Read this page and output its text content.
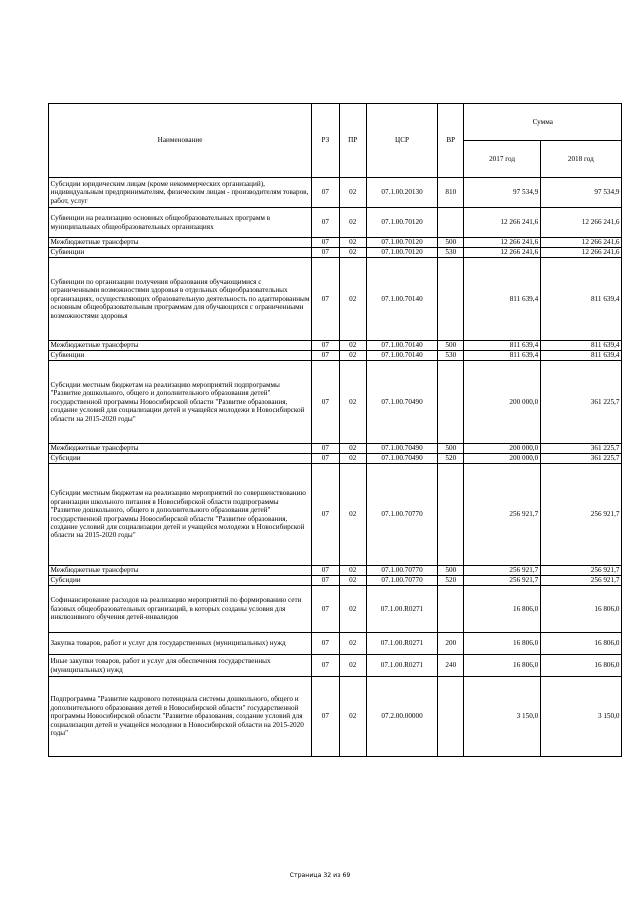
Наименование	РЗ	ПР	ЦСР	ВР	Сумма	
					2017 год	2018 год
Субсидии юридическим лицам (кроме некоммерческих организаций), индивидуальным предпринимателям, физическим лицам - производителям товаров, работ, услуг	07	02	07.1.00.20130	810	97 534,9	97 534,9
Субвенции на реализацию основных общеобразовательных программ в муниципальных общеобразовательных организациях	07	02	07.1.00.70120		12 266 241,6	12 266 241,6
Межбюджетные трансферты	07	02	07.1.00.70120	500	12 266 241,6	12 266 241,6
Субвенции	07	02	07.1.00.70120	530	12 266 241,6	12 266 241,6
Субвенции по организации получения образования обучающимися с ограниченными возможностями здоровья в отдельных общеобразовательных организациях, осуществляющих образовательную деятельность по адаптированным основным общеобразовательным программам для обучающихся с ограниченными возможностями здоровья	07	02	07.1.00.70140		811 639,4	811 639,4
Межбюджетные трансферты	07	02	07.1.00.70140	500	811 639,4	811 639,4
Субвенции	07	02	07.1.00.70140	530	811 639,4	811 639,4
Субсидии местным бюджетам на реализацию мероприятий подпрограммы "Развитие дошкольного, общего и дополнительного образования детей" государственной программы Новосибирской области "Развитие образования, создание условий для социализации детей и учащейся молодежи в Новосибирской области на 2015-2020 годы"	07	02	07.1.00.70490		200 000,0	361 225,7
Межбюджетные трансферты	07	02	07.1.00.70490	500	200 000,0	361 225,7
Субсидии	07	02	07.1.00.70490	520	200 000,0	361 225,7
Субсидии местным бюджетам на реализацию мероприятий по совершенствованию организации школьного питания в Новосибирской области подпрограммы "Развитие дошкольного, общего и дополнительного образования детей" государственной программы Новосибирской области "Развитие образования, создание условий для социализации детей и учащейся молодежи в Новосибирской области на 2015-2020 годы"	07	02	07.1.00.70770		256 921,7	256 921,7
Межбюджетные трансферты	07	02	07.1.00.70770	500	256 921,7	256 921,7
Субсидии	07	02	07.1.00.70770	520	256 921,7	256 921,7
Софинансирование расходов на реализацию мероприятий по формированию сети базовых общеобразовательных организаций, в которых созданы условия для инклюзивного обучения детей-инвалидов	07	02	07.1.00.R0271		16 806,0	16 806,0
Закупка товаров, работ и услуг для государственных (муниципальных) нужд	07	02	07.1.00.R0271	200	16 806,0	16 806,0
Иные закупки товаров, работ и услуг для обеспечения государственных (муниципальных) нужд	07	02	07.1.00.R0271	240	16 806,0	16 806,0
Подпрограмма "Развитие кадрового потенциала системы дошкольного, общего и дополнительного образования детей в Новосибирской области" государственной программы Новосибирской области "Развитие образования, создание условий для социализации детей и учащейся молодежи в Новосибирской области на 2015-2020 годы"	07	02	07.2.00.00000		3 150,0	3 150,0
Страница 32 из 69
